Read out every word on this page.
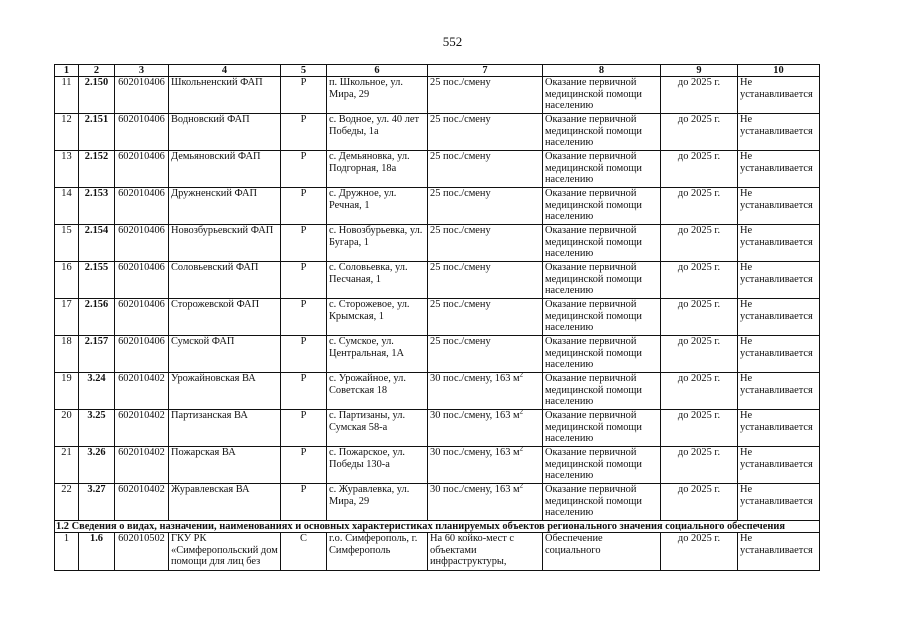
552
1	2	3	4	5	6	7	8	9	10
11	2.150	602010406	Школьненский ФАП	Р	п. Школьное, ул. Мира, 29	25 пос./смену	Оказание первичной медицинской помощи населению	до 2025 г.	Не устанавливается
12	2.151	602010406	Водновский ФАП	Р	с. Водное, ул. 40 лет Победы, 1а	25 пос./смену	Оказание первичной медицинской помощи населению	до 2025 г.	Не устанавливается
13	2.152	602010406	Демьяновский ФАП	Р	с. Демьяновка, ул. Подгорная, 18а	25 пос./смену	Оказание первичной медицинской помощи населению	до 2025 г.	Не устанавливается
14	2.153	602010406	Дружненский ФАП	Р	с. Дружное, ул. Речная, 1	25 пос./смену	Оказание первичной медицинской помощи населению	до 2025 г.	Не устанавливается
15	2.154	602010406	Новозбурьевский ФАП	Р	с. Новозбурьевка, ул. Бугара, 1	25 пос./смену	Оказание первичной медицинской помощи населению	до 2025 г.	Не устанавливается
16	2.155	602010406	Соловьевский ФАП	Р	с. Соловьевка, ул. Песчаная, 1	25 пос./смену	Оказание первичной медицинской помощи населению	до 2025 г.	Не устанавливается
17	2.156	602010406	Сторожевской ФАП	Р	с. Сторожевое, ул. Крымская, 1	25 пос./смену	Оказание первичной медицинской помощи населению	до 2025 г.	Не устанавливается
18	2.157	602010406	Сумской ФАП	Р	с. Сумское, ул. Центральная, 1А	25 пос./смену	Оказание первичной медицинской помощи населению	до 2025 г.	Не устанавливается
19	3.24	602010402	Урожайновская ВА	Р	с. Урожайное, ул. Советская 18	30 пос./смену, 163 $м^2$	Оказание первичной медицинской помощи населению	до 2025 г.	Не устанавливается
20	3.25	602010402	Партизанская ВА	Р	с. Партизаны, ул. Сумская 58-а	30 пос./смену, 163 $м^2$	Оказание первичной медицинской помощи населению	до 2025 г.	Не устанавливается
21	3.26	602010402	Пожарская ВА	Р	с. Пожарское, ул. Победы 130-а	30 пос./смену, 163 $м^2$	Оказание первичной медицинской помощи населению	до 2025 г.	Не устанавливается
22	3.27	602010402	Журавлевская ВА	Р	с. Журавлевка, ул. Мира, 29	30 пос./смену, 163 $м^2$	Оказание первичной медицинской помощи населению	до 2025 г.	Не устанавливается
1.2 Сведения о видах, назначении, наименованиях и основных характеристиках планируемых объектов регионального значения социального обеспечения									
1	1.6	602010502	ГКУ РК «Симферопольский дом помощи для лиц без	С	г.о. Симферополь, г. Симферополь	На 60 койко-мест с объектами инфраструктуры,	Обеспечение социального	до 2025 г.	Не устанавливается
